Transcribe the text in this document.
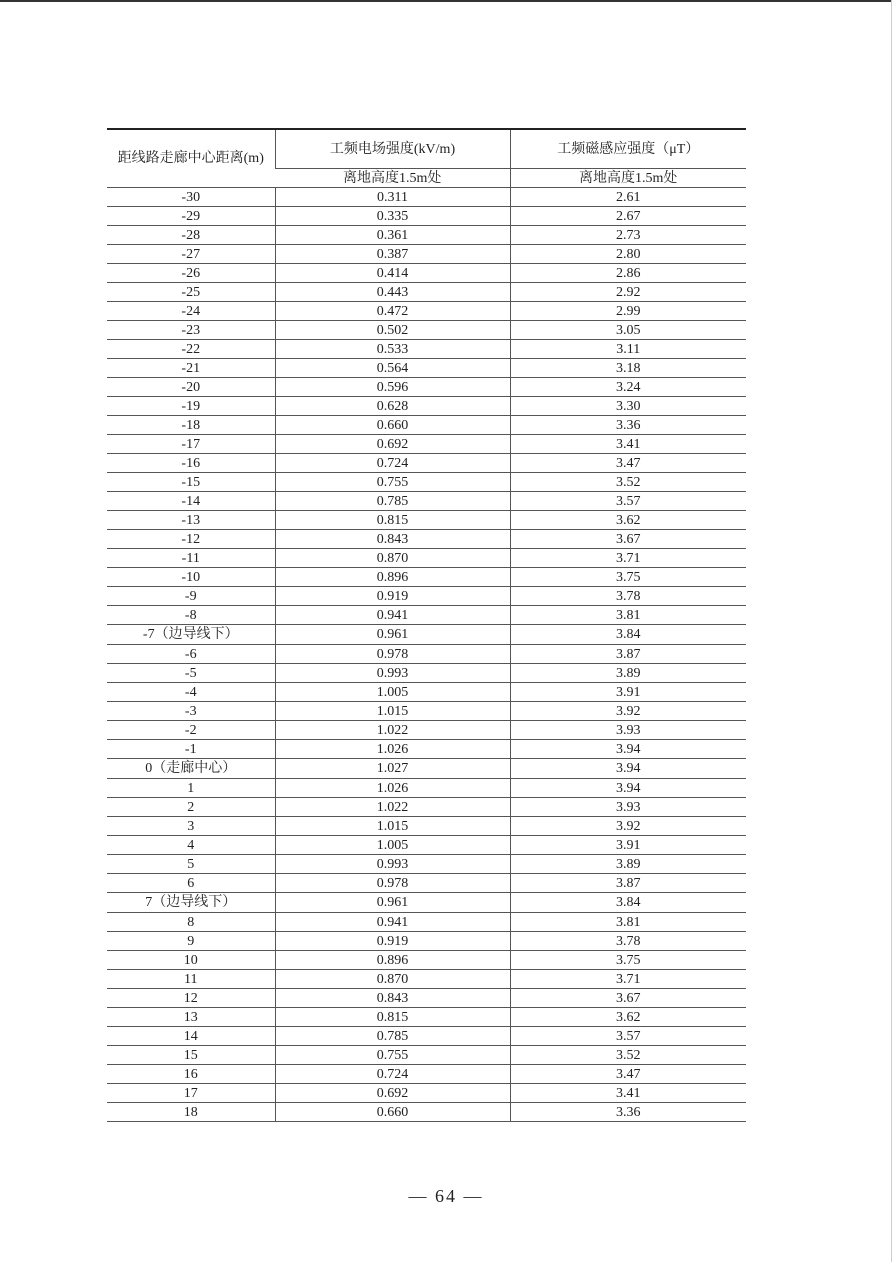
距线路走廊中心距离(m)	工频电场强度(kV/m)	工频磁感应强度（μT）
	离地高度1.5m处	离地高度1.5m处
-30	0.311	2.61
-29	0.335	2.67
-28	0.361	2.73
-27	0.387	2.80
-26	0.414	2.86
-25	0.443	2.92
-24	0.472	2.99
-23	0.502	3.05
-22	0.533	3.11
-21	0.564	3.18
-20	0.596	3.24
-19	0.628	3.30
-18	0.660	3.36
-17	0.692	3.41
-16	0.724	3.47
-15	0.755	3.52
-14	0.785	3.57
-13	0.815	3.62
-12	0.843	3.67
-11	0.870	3.71
-10	0.896	3.75
-9	0.919	3.78
-8	0.941	3.81
-7（边导线下）	0.961	3.84
-6	0.978	3.87
-5	0.993	3.89
-4	1.005	3.91
-3	1.015	3.92
-2	1.022	3.93
-1	1.026	3.94
0（走廊中心）	1.027	3.94
1	1.026	3.94
2	1.022	3.93
3	1.015	3.92
4	1.005	3.91
5	0.993	3.89
6	0.978	3.87
7（边导线下）	0.961	3.84
8	0.941	3.81
9	0.919	3.78
10	0.896	3.75
11	0.870	3.71
12	0.843	3.67
13	0.815	3.62
14	0.785	3.57
15	0.755	3.52
16	0.724	3.47
17	0.692	3.41
18	0.660	3.36
— 64 —
